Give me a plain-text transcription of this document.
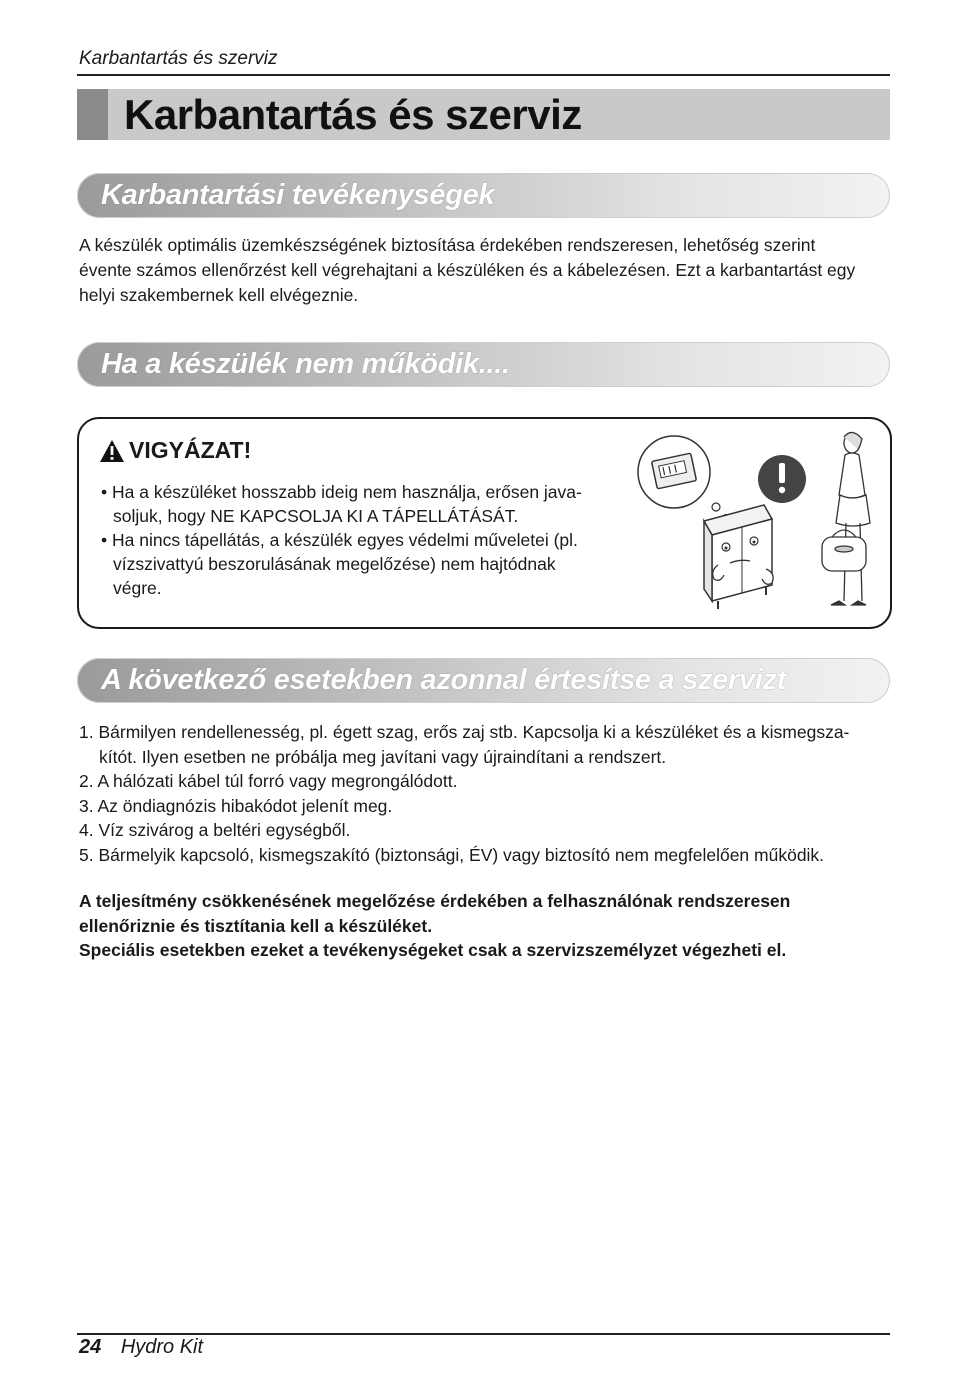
Karbantartás és szerviz
Karbantartás és szerviz
Karbantartási tevékenységek
A készülék optimális üzemkészségének biztosítása érdekében rendszeresen, lehetőség szerint
évente számos ellenőrzést kell végrehajtani a készüléken és a kábelezésen. Ezt a karbantartást egy
helyi szakembernek kell elvégeznie.
Ha a készülék nem működik....
VIGYÁZAT!
• Ha a készüléket hosszabb ideig nem használja, erősen java-
soljuk, hogy NE KAPCSOLJA KI A TÁPELLÁTÁSÁT.
• Ha nincs tápellátás, a készülék egyes védelmi műveletei (pl.
vízszivattyú beszorulásának megelőzése) nem hajtódnak
végre.
A következő esetekben azonnal értesítse a szervizt
1. Bármilyen rendellenesség, pl. égett szag, erős zaj stb. Kapcsolja ki a készüléket és a kismegsza-
kítót. Ilyen esetben ne próbálja meg javítani vagy újraindítani a rendszert.
2. A hálózati kábel túl forró vagy megrongálódott.
3. Az öndiagnózis hibakódot jelenít meg.
4. Víz szivárog a beltéri egységből.
5. Bármelyik kapcsoló, kismegszakító (biztonsági, ÉV) vagy biztosító nem megfelelően működik.
A teljesítmény csökkenésének megelőzése érdekében a felhasználónak rendszeresen
ellenőriznie és tisztítania kell a készüléket.
Speciális esetekben ezeket a tevékenységeket csak a szervizszemélyzet végezheti el.
24 Hydro Kit
